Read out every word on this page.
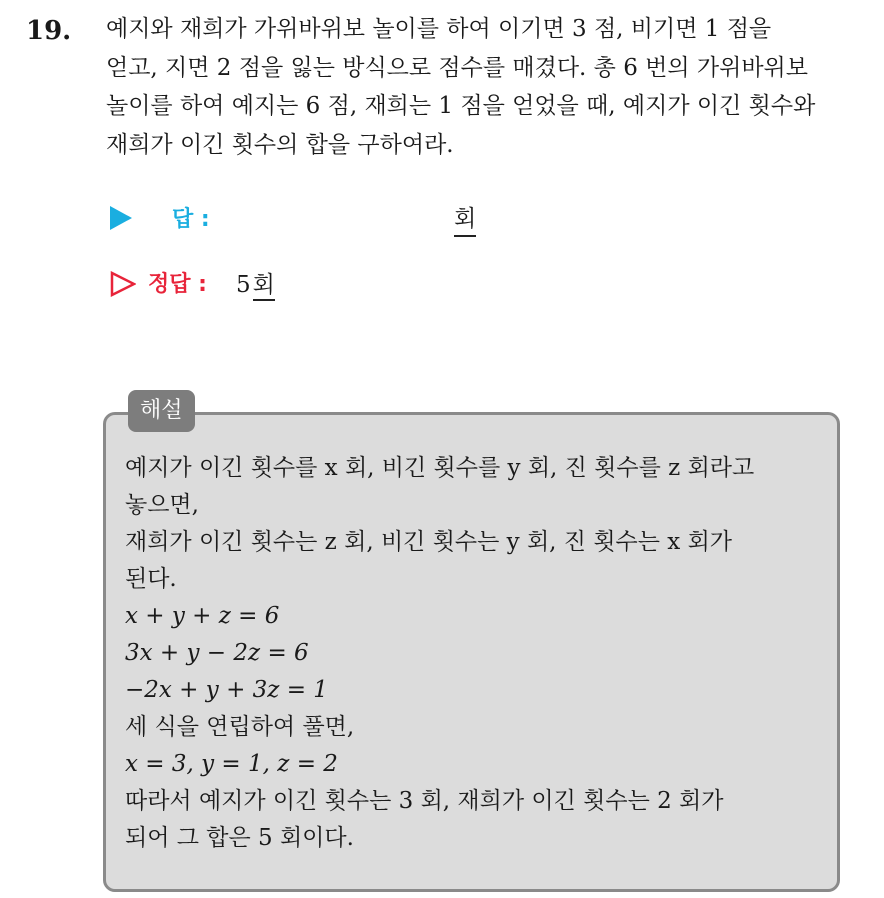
19. 예지와 재희가 가위바위보 놀이를 하여 이기면 3 점, 비기면 1 점을
얻고, 지면 2 점을 잃는 방식으로 점수를 매겼다. 총 6 번의 가위바위보
놀이를 하여 예지는 6 점, 재희는 1 점을 얻었을 때, 예지가 이긴 횟수와
재희가 이긴 횟수의 합을 구하여라.
답 :	회
정답 : 5회
해설
예지가 이긴 횟수를 x 회, 비긴 횟수를 y 회, 진 횟수를 z 회라고
놓으면,
재희가 이긴 횟수는 z 회, 비긴 횟수는 y 회, 진 횟수는 x 회가
된다.
x + y + z = 6
3x + y − 2z = 6
−2x + y + 3z = 1
세 식을 연립하여 풀면,
x = 3, y = 1, z = 2
따라서 예지가 이긴 횟수는 3 회, 재희가 이긴 횟수는 2 회가
되어 그 합은 5 회이다.
